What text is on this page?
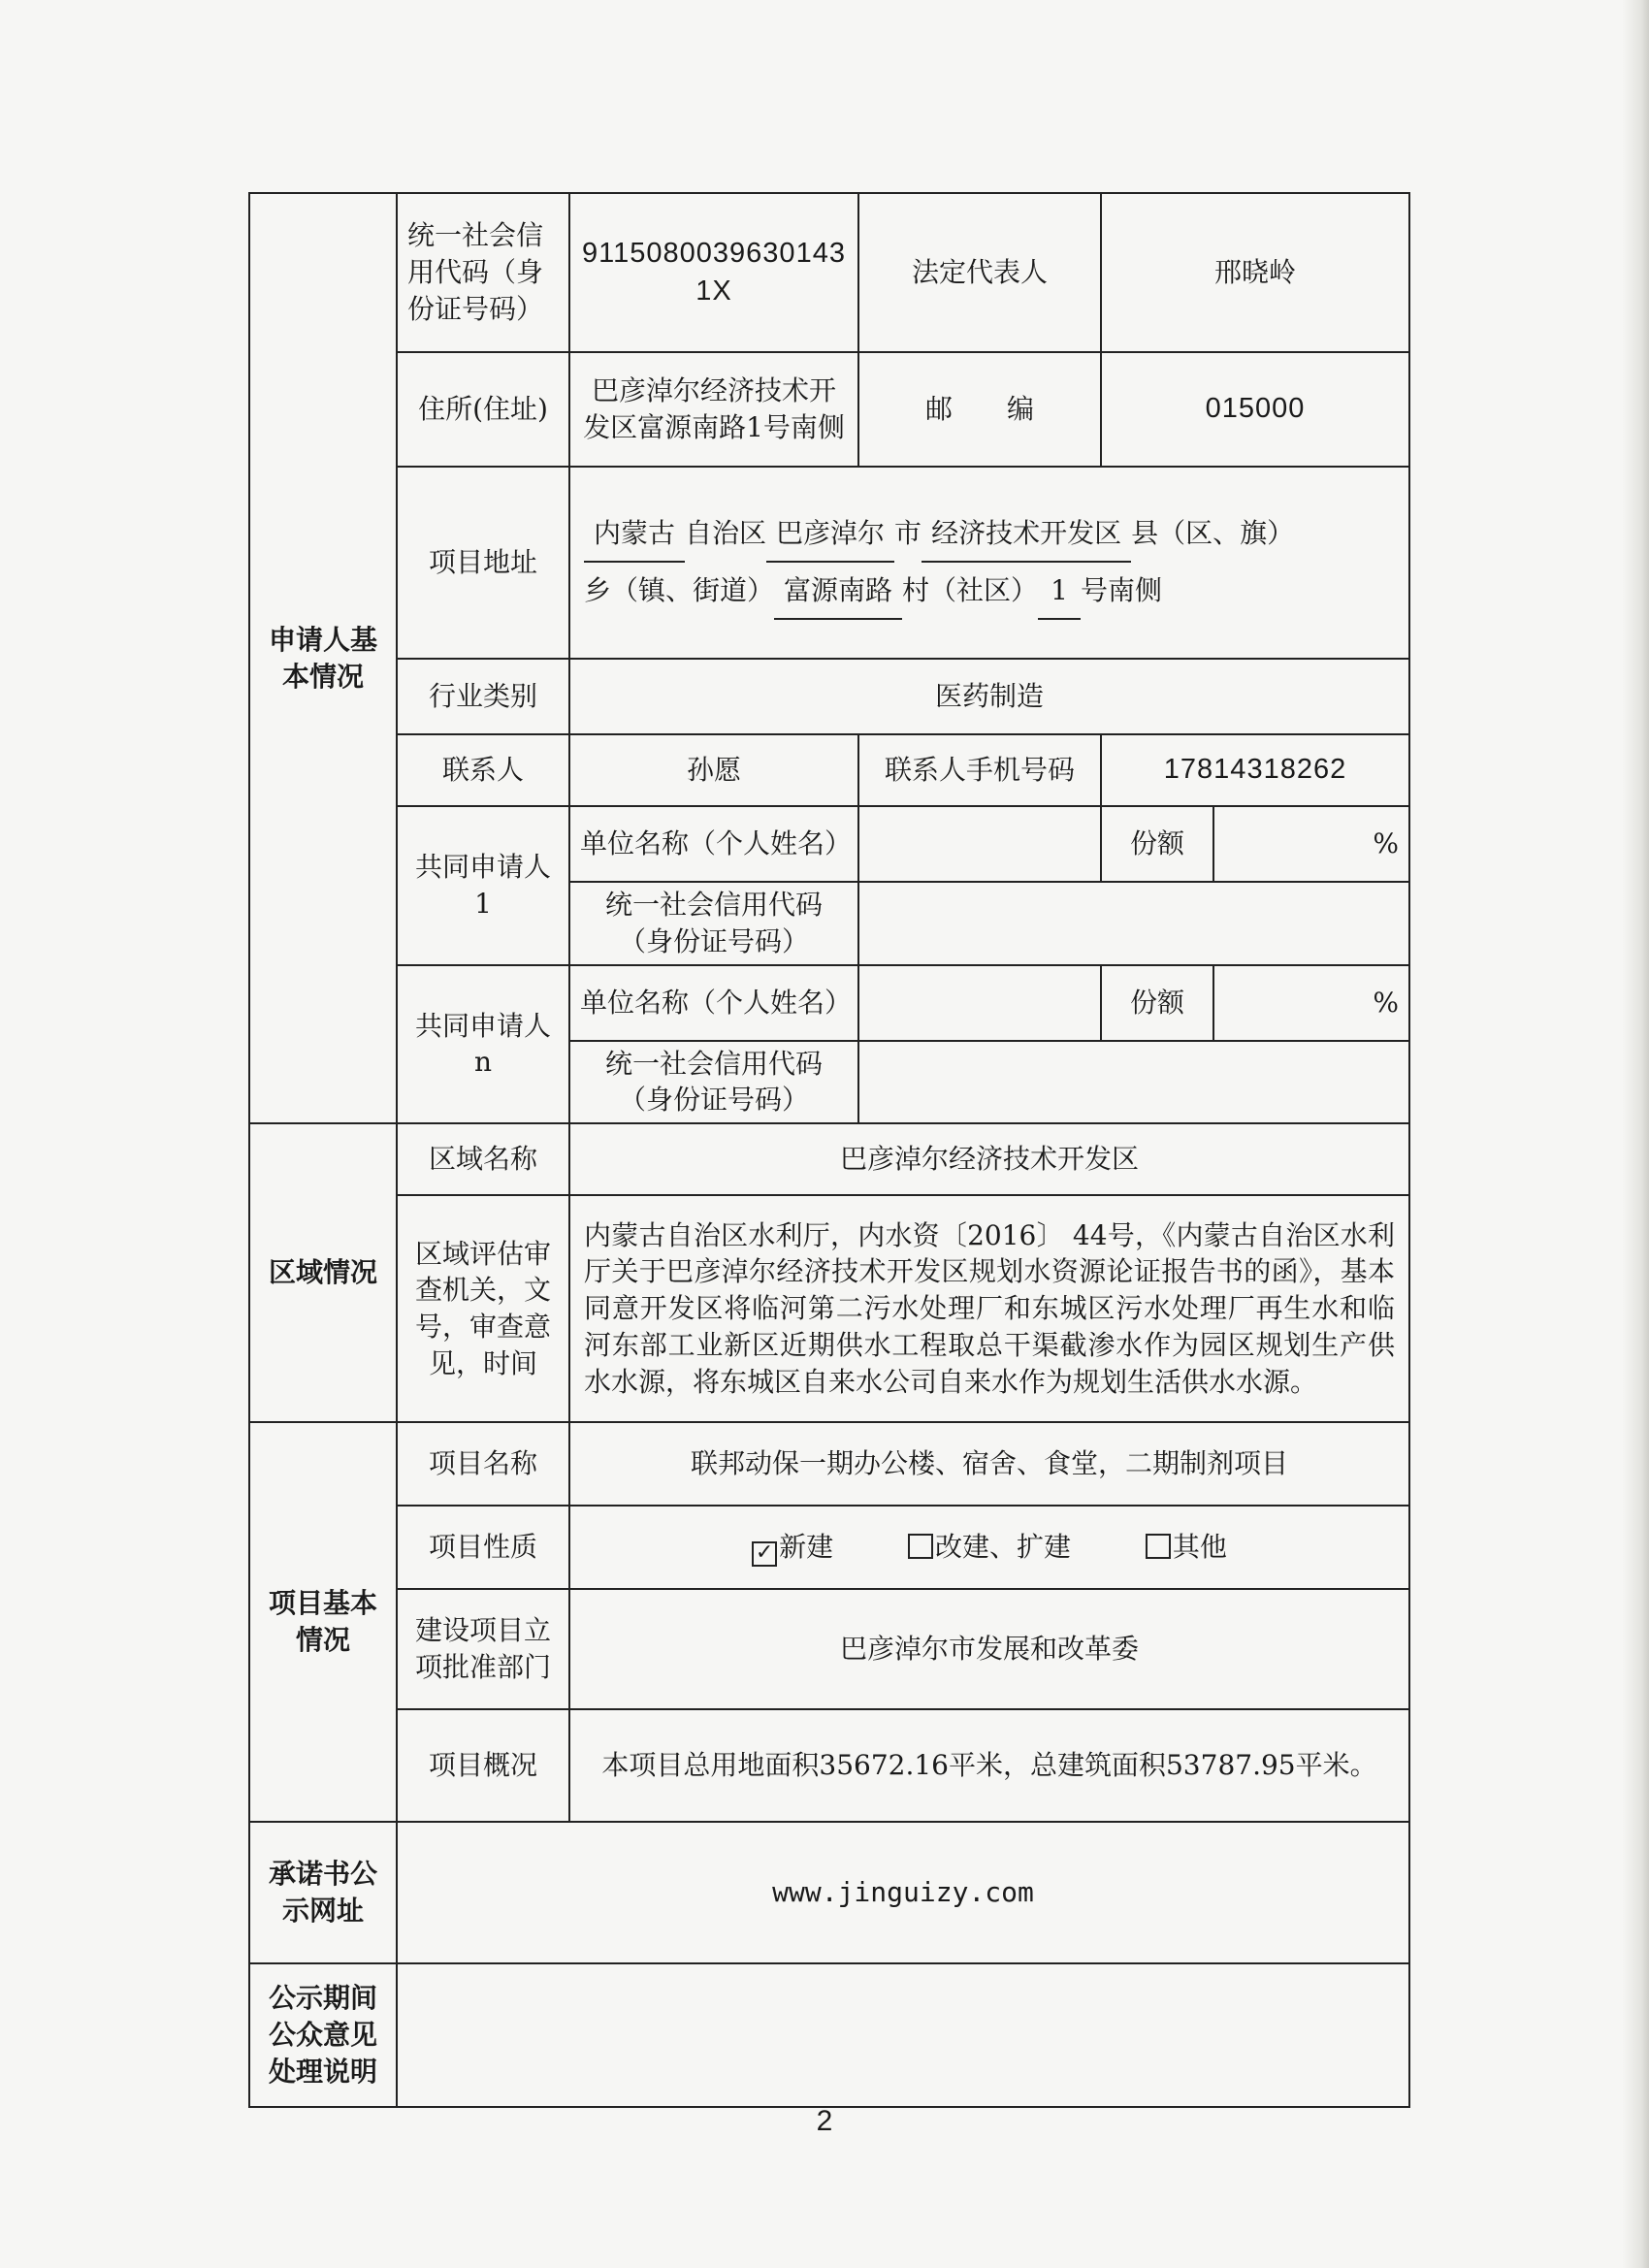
申请人基本情况	统一社会信用代码（身份证号码）	91150800396301431X	法定代表人	邢晓岭	
	住所(住址)	巴彦淖尔经济技术开发区富源南路1号南侧	邮　　编	015000	
	项目地址	内蒙古 自治区 巴彦淖尔 市 经济技术开发区 县（区、旗）
乡（镇、街道） 富源南路 村（社区） 1 号南侧			
	行业类别	医药制造			
	联系人	孙愿	联系人手机号码	17814318262	
	共同申请人1	单位名称（个人姓名）		份额	%
		统一社会信用代码（身份证号码）			
	共同申请人n	单位名称（个人姓名）		份额	%
		统一社会信用代码（身份证号码）			
区域情况	区域名称	巴彦淖尔经济技术开发区			
	区域评估审查机关，文号，审查意见，时间	内蒙古自治区水利厅，内水资〔2016〕 44号，《内蒙古自治区水利厅关于巴彦淖尔经济技术开发区规划水资源论证报告书的函》，基本同意开发区将临河第二污水处理厂和东城区污水处理厂再生水和临河东部工业新区近期供水工程取总干渠截渗水作为园区规划生产供水水源，将东城区自来水公司自来水作为规划生活供水水源。			
项目基本情况	项目名称	联邦动保一期办公楼、宿舍、食堂，二期制剂项目			
	项目性质	✓ 新建 改建、扩建 其他			
	建设项目立项批准部门	巴彦淖尔市发展和改革委			
	项目概况	本项目总用地面积35672.16平米，总建筑面积53787.95平米。			
承诺书公示网址	www.jinguizy.com				
公示期间公众意见处理说明					
2
